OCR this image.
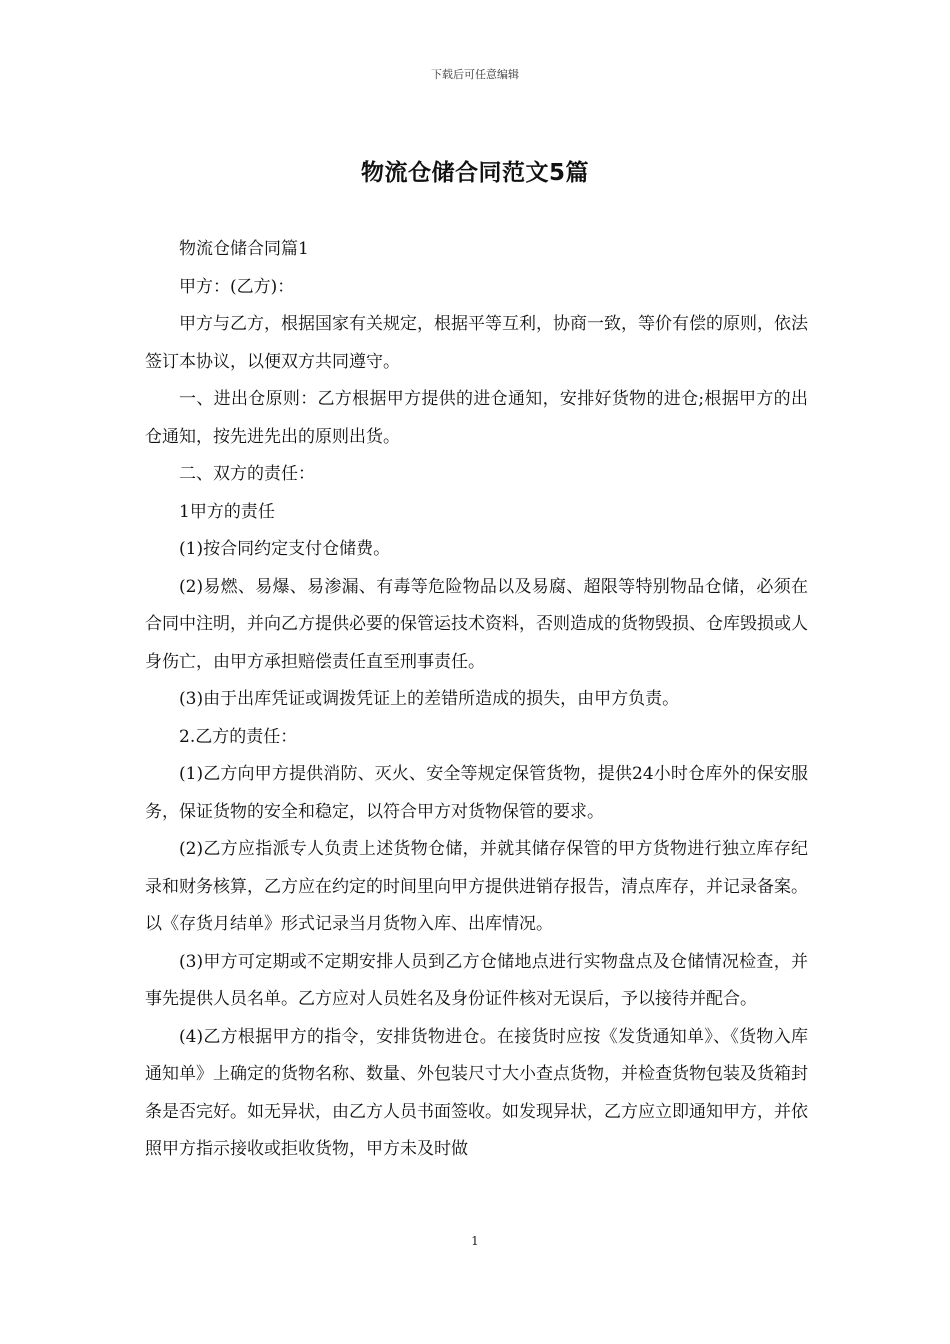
下载后可任意编辑
物流仓储合同范文5篇

物流仓储合同篇1

甲方：(乙方)：

甲方与乙方，根据国家有关规定，根据平等互利，协商一致，等价有偿的原则，依法签订本协议，以便双方共同遵守。

一、进出仓原则：乙方根据甲方提供的进仓通知，安排好货物的进仓;根据甲方的出仓通知，按先进先出的原则出货。

二、双方的责任：

1甲方的责任

(1)按合同约定支付仓储费。

(2)易燃、易爆、易渗漏、有毒等危险物品以及易腐、超限等特别物品仓储，必须在合同中注明，并向乙方提供必要的保管运技术资料，否则造成的货物毁损、仓库毁损或人身伤亡，由甲方承担赔偿责任直至刑事责任。

(3)由于出库凭证或调拨凭证上的差错所造成的损失，由甲方负责。

2.乙方的责任：

(1)乙方向甲方提供消防、灭火、安全等规定保管货物，提供24小时仓库外的保安服务，保证货物的安全和稳定，以符合甲方对货物保管的要求。

(2)乙方应指派专人负责上述货物仓储，并就其储存保管的甲方货物进行独立库存纪录和财务核算，乙方应在约定的时间里向甲方提供进销存报告，清点库存，并记录备案。以《存货月结单》形式记录当月货物入库、出库情况。

(3)甲方可定期或不定期安排人员到乙方仓储地点进行实物盘点及仓储情况检查，并事先提供人员名单。乙方应对人员姓名及身份证件核对无误后，予以接待并配合。

(4)乙方根据甲方的指令，安排货物进仓。在接货时应按《发货通知单》、《货物入库通知单》上确定的货物名称、数量、外包装尺寸大小查点货物，并检查货物包装及货箱封条是否完好。如无异状，由乙方人员书面签收。如发现异状，乙方应立即通知甲方，并依照甲方指示接收或拒收货物，甲方未及时做

1
